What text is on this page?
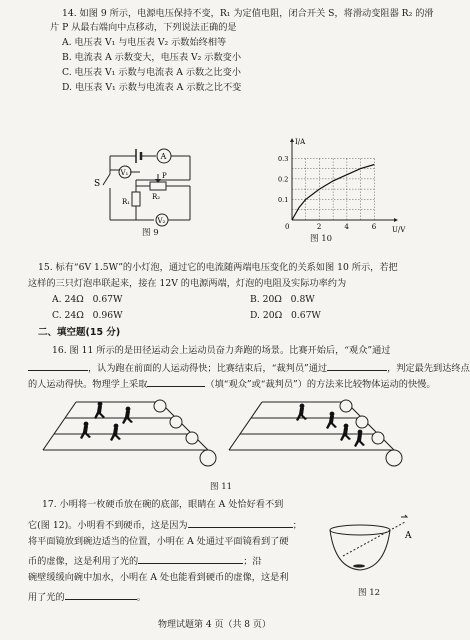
14. 如图 9 所示，电源电压保持不变，R₁ 为定值电阻，闭合开关 S，将滑动变阻器 R₂ 的滑
片 P 从最右端向中点移动，下列说法正确的是
A. 电压表 V₁ 与电压表 V₂ 示数始终相等
B. 电流表 A 示数变大，电压表 V₂ 示数变小
C. 电压表 V₁ 示数与电流表 A 示数之比变小
D. 电压表 V₁ 示数与电流表 A 示数之比不变
S
A
V₁
V₂
R₁
R₂
P
图 9
2	4	6
0.1
0.2
0.3
0
I/A
U/V
图 10
15. 标有“6V 1.5W”的小灯泡，通过它的电流随两端电压变化的关系如图 10 所示，若把
这样的三只灯泡串联起来，接在 12V 的电源两端，灯泡的电阻及实际功率约为
A. 24Ω 0.67W	B. 20Ω 0.8W
C. 24Ω 0.96W	D. 20Ω 0.67W
二、填空题(15 分)
16. 图 11 所示的是田径运动会上运动员奋力奔跑的场景。比赛开始后，“观众”通过
，认为跑在前面的人运动得快；比赛结束后，“裁判员”通过	，判定最先到达终点
的人运动得快。物理学上采取	（填“观众”或“裁判员”）的方法来比较物体运动的快慢。
图 11
17. 小明将一枚硬币放在碗的底部，眼睛在 A 处恰好看不到
它(图 12)。小明看不到硬币，这是因为	；
将平面镜放到碗边适当的位置，小明在 A 处通过平面镜看到了硬
币的虚像，这是利用了光的	；沿
碗壁缓缓向碗中加水，小明在 A 处也能看到硬币的虚像，这是利
用了光的	。
A
图 12
物理试题第 4 页（共 8 页）
